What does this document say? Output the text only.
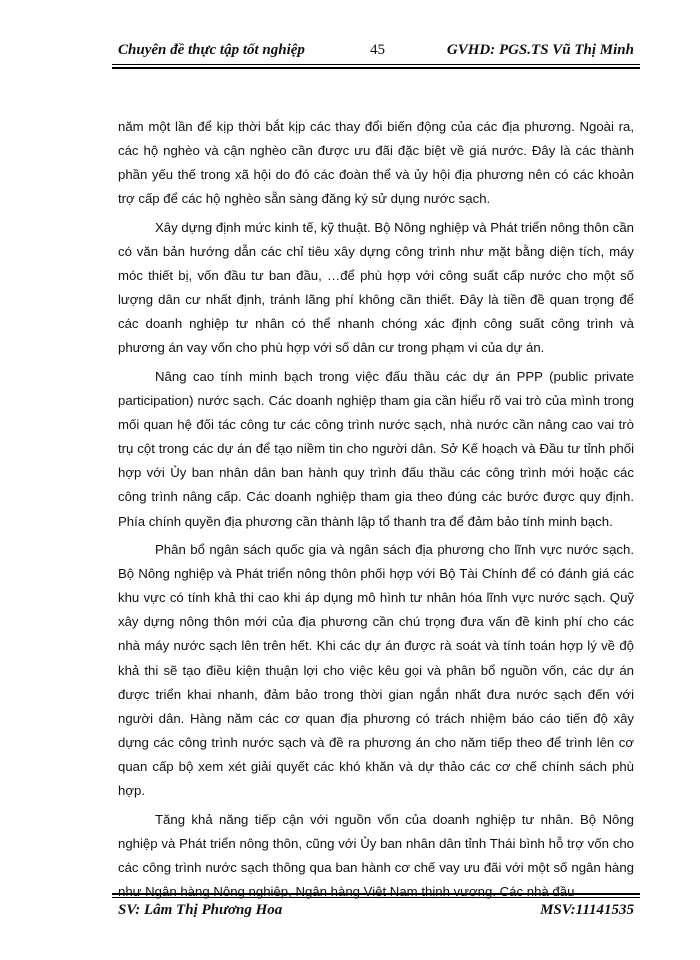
Chuyên đề thực tập tốt nghiệp	45	GVHD: PGS.TS Vũ Thị Minh

năm một lần để kịp thời bắt kịp các thay đổi biến động của các địa phương. Ngoài ra, các hộ nghèo và cận nghèo cần được ưu đãi đặc biệt về giá nước. Đây là các thành phần yếu thế trong xã hội do đó các đoàn thể và ủy hội địa phương nên có các khoản trợ cấp để các hộ nghèo sẵn sàng đăng ký sử dụng nước sạch.

Xây dựng định mức kinh tế, kỹ thuật. Bộ Nông nghiệp và Phát triển nông thôn cần có văn bản hướng dẫn các chỉ tiêu xây dựng công trình như mặt bằng diện tích, máy móc thiết bị, vốn đầu tư ban đầu, …để phù hợp với công suất cấp nước cho một số lượng dân cư nhất định, tránh lãng phí không cần thiết. Đây là tiền đề quan trọng để các doanh nghiệp tư nhân có thể nhanh chóng xác định công suất công trình và phương án vay vốn cho phù hợp với số dân cư trong phạm vi của dự án.

Nâng cao tính minh bạch trong việc đấu thầu các dự án PPP (public private participation) nước sạch. Các doanh nghiệp tham gia cần hiểu rõ vai trò của mình trong mối quan hệ đối tác công tư các công trình nước sạch, nhà nước cần nâng cao vai trò trụ cột trong các dự án để tạo niềm tin cho người dân. Sở Kế hoạch và Đầu tư tỉnh phối hợp với Ủy ban nhân dân ban hành quy trình đấu thầu các công trình mới hoặc các công trình nâng cấp. Các doanh nghiệp tham gia theo đúng các bước được quy định. Phía chính quyền địa phương cần thành lập tổ thanh tra để đảm bảo tính minh bạch.

Phân bổ ngân sách quốc gia và ngân sách địa phương cho lĩnh vực nước sạch. Bộ Nông nghiệp và Phát triển nông thôn phối hợp với Bộ Tài Chính để có đánh giá các khu vực có tính khả thi cao khi áp dụng mô hình tư nhân hóa lĩnh vực nước sạch. Quỹ xây dựng nông thôn mới của địa phương cần chú trọng đưa vấn đề kinh phí cho các nhà máy nước sạch lên trên hết. Khi các dự án được rà soát và tính toán hợp lý về độ khả thi sẽ tạo điều kiện thuận lợi cho việc kêu gọi và phân bổ nguồn vốn, các dự án được triển khai nhanh, đảm bảo trong thời gian ngắn nhất đưa nước sạch đến với người dân. Hàng năm các cơ quan địa phương có trách nhiệm báo cáo tiến độ xây dựng các công trình nước sạch và đề ra phương án cho năm tiếp theo để trình lên cơ quan cấp bộ xem xét giải quyết các khó khăn và dự thảo các cơ chế chính sách phù hợp.

Tăng khả năng tiếp cận với nguồn vốn của doanh nghiệp tư nhân. Bộ Nông nghiệp và Phát triển nông thôn, cũng với Ủy ban nhân dân tỉnh Thái bình hỗ trợ vốn cho các công trình nước sạch thông qua ban hành cơ chế vay ưu đãi với một số ngân hàng như Ngân hàng Nông nghiệp, Ngân hàng Việt Nam thịnh vượng. Các nhà đầu

SV: Lâm Thị Phương Hoa	MSV:11141535
